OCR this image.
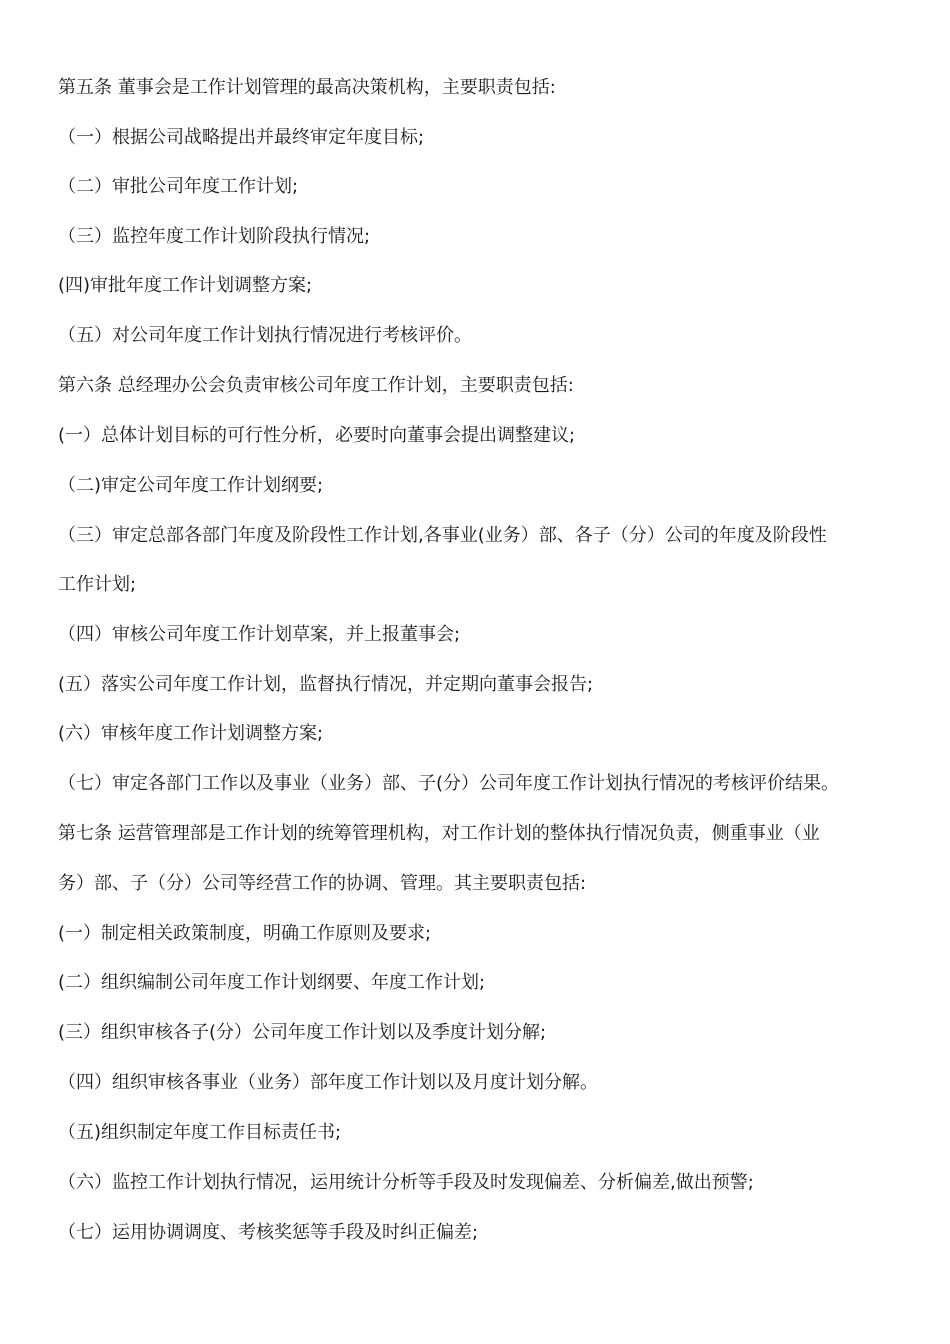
第五条 董事会是工作计划管理的最高决策机构，主要职责包括:
（一）根据公司战略提出并最终审定年度目标;
（二）审批公司年度工作计划;
（三）监控年度工作计划阶段执行情况;
(四)审批年度工作计划调整方案;
（五）对公司年度工作计划执行情况进行考核评价。
第六条 总经理办公会负责审核公司年度工作计划，主要职责包括:
(一）总体计划目标的可行性分析，必要时向董事会提出调整建议;
（二)审定公司年度工作计划纲要;
（三）审定总部各部门年度及阶段性工作计划,各事业(业务）部、各子（分）公司的年度及阶段性
工作计划;
（四）审核公司年度工作计划草案，并上报董事会;
(五）落实公司年度工作计划，监督执行情况，并定期向董事会报告;
(六）审核年度工作计划调整方案;
（七）审定各部门工作以及事业（业务）部、子(分）公司年度工作计划执行情况的考核评价结果。
第七条 运营管理部是工作计划的统筹管理机构，对工作计划的整体执行情况负责，侧重事业（业
务）部、子（分）公司等经营工作的协调、管理。其主要职责包括:
(一）制定相关政策制度，明确工作原则及要求;
(二）组织编制公司年度工作计划纲要、年度工作计划;
(三）组织审核各子(分）公司年度工作计划以及季度计划分解;
（四）组织审核各事业（业务）部年度工作计划以及月度计划分解。
（五)组织制定年度工作目标责任书;
（六）监控工作计划执行情况，运用统计分析等手段及时发现偏差、分析偏差,做出预警;
（七）运用协调调度、考核奖惩等手段及时纠正偏差;
